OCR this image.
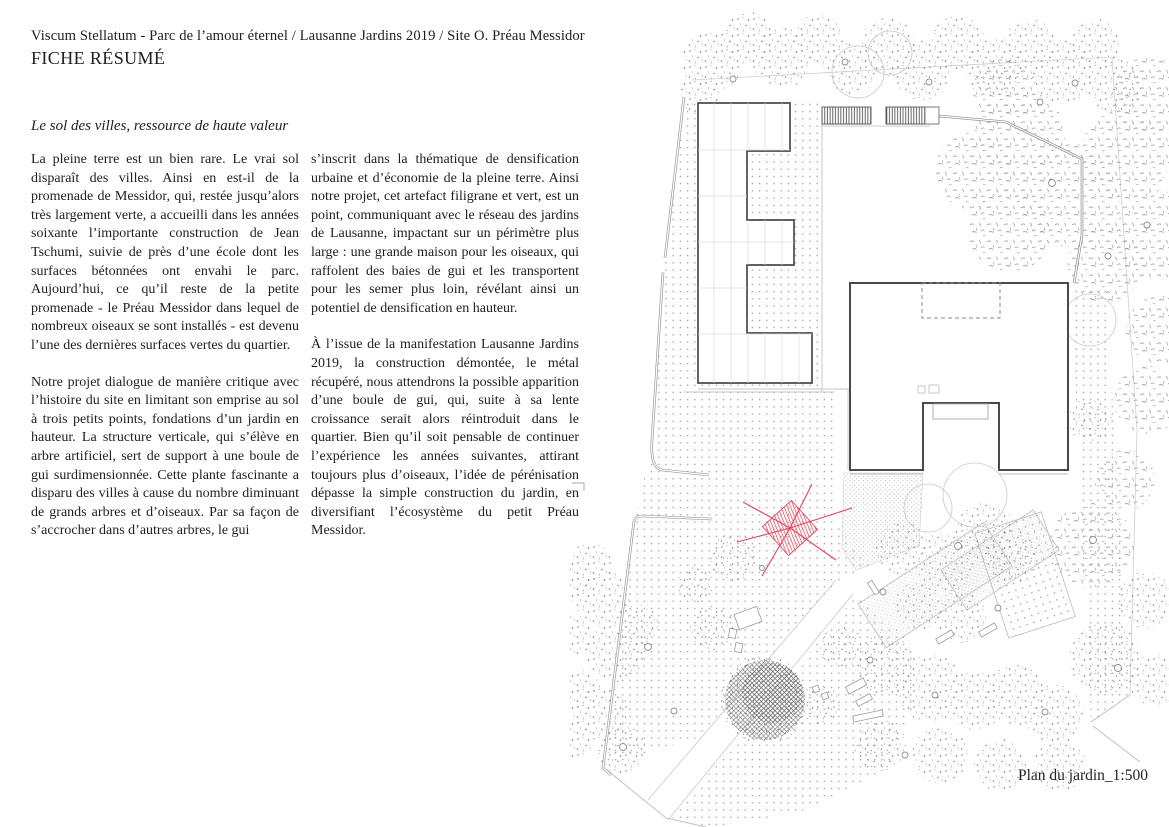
Viscum Stellatum - Parc de l’amour éternel / Lausanne Jardins 2019 / Site O. Préau Messidor
FICHE RÉSUMÉ
Le sol des villes, ressource de haute valeur

La pleine terre est un bien rare. Le vrai sol disparaît des villes. Ainsi en est-il de la promenade de Messidor, qui, restée jusqu’alors très largement verte, a accueilli dans les années soixante l’importante construction de Jean Tschumi, suivie de près d’une école dont les surfaces bétonnées ont envahi le parc. Aujourd’hui, ce qu’il reste de la petite promenade - le Préau Messidor dans lequel de nombreux oiseaux se sont installés - est devenu l’une des dernières surfaces vertes du quartier.

Notre projet dialogue de manière critique avec l’histoire du site en limitant son emprise au sol à trois petits points, fondations d’un jardin en hauteur. La structure verticale, qui s’élève en arbre artificiel, sert de support à une boule de gui surdimensionnée. Cette plante fascinante a disparu des villes à cause du nombre diminuant de grands arbres et d’oiseaux. Par sa façon de s’accrocher dans d’autres arbres, le gui

s’inscrit dans la thématique de densification urbaine et d’économie de la pleine terre. Ainsi notre projet, cet artefact filigrane et vert, est un point, communiquant avec le réseau des jardins de Lausanne, impactant sur un périmètre plus large : une grande maison pour les oiseaux, qui raffolent des baies de gui et les transportent pour les semer plus loin, révélant ainsi un potentiel de densification en hauteur.

À l’issue de la manifestation Lausanne Jardins 2019, la construction démontée, le métal récupéré, nous attendrons la possible apparition d’une boule de gui, qui, suite à sa lente croissance serait alors réintroduit dans le quartier. Bien qu’il soit pensable de continuer l’expérience les années suivantes, attirant toujours plus d’oiseaux, l’idée de pérénisation dépasse la simple construction du jardin, en diversifiant l’écosystème du petit Préau Messidor.

Plan du jardin_1:500
